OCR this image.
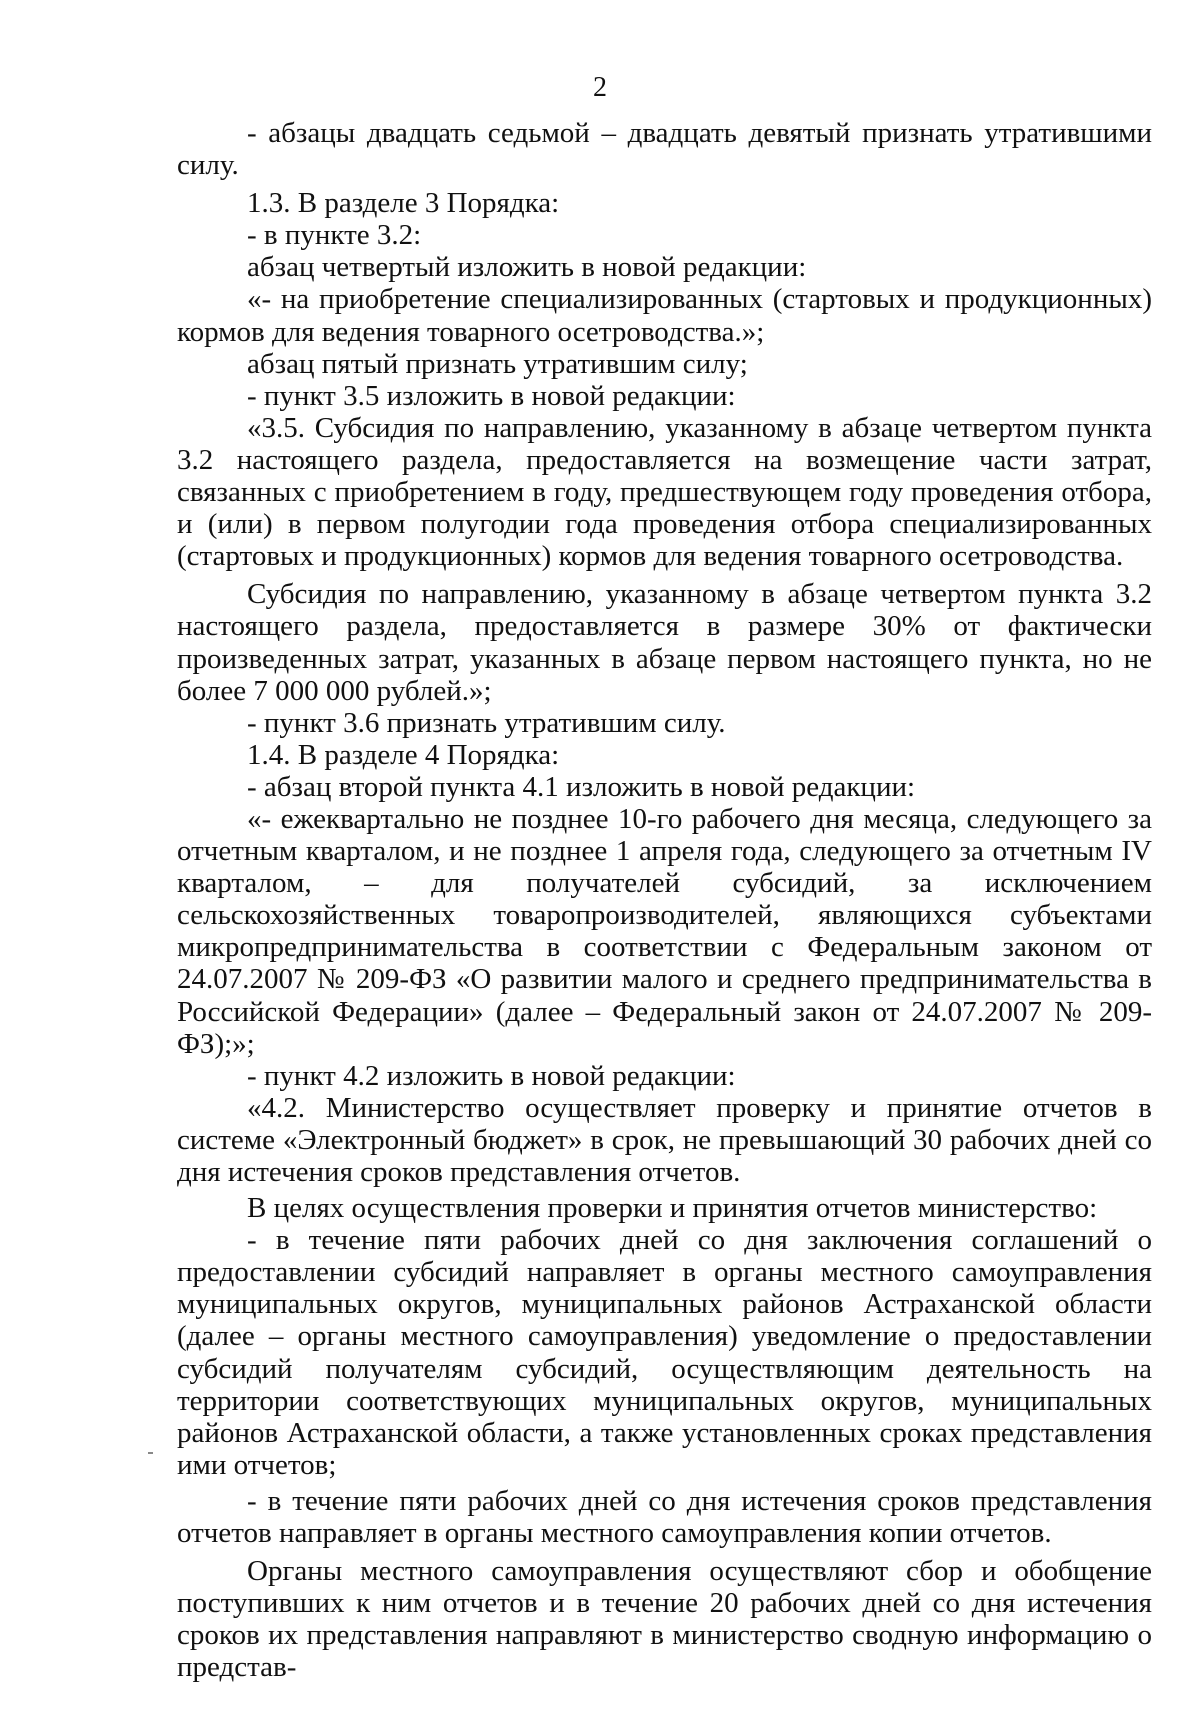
2

- абзацы двадцать седьмой – двадцать девятый признать утратившими силу.

1.3. В разделе 3 Порядка:

- в пункте 3.2:

абзац четвертый изложить в новой редакции:

«- на приобретение специализированных (стартовых и продукционных) кормов для ведения товарного осетроводства.»;

абзац пятый признать утратившим силу;

- пункт 3.5 изложить в новой редакции:

«3.5. Субсидия по направлению, указанному в абзаце четвертом пункта 3.2 настоящего раздела, предоставляется на возмещение части затрат, связанных с приобретением в году, предшествующем году проведения отбора, и (или) в первом полугодии года проведения отбора специализированных (стартовых и продукционных) кормов для ведения товарного осетроводства.

Субсидия по направлению, указанному в абзаце четвертом пункта 3.2 настоящего раздела, предоставляется в размере 30% от фактически произведенных затрат, указанных в абзаце первом настоящего пункта, но не более 7 000 000 рублей.»;

- пункт 3.6 признать утратившим силу.

1.4. В разделе 4 Порядка:

- абзац второй пункта 4.1 изложить в новой редакции:

«- ежеквартально не позднее 10-го рабочего дня месяца, следующего за отчетным кварталом, и не позднее 1 апреля года, следующего за отчетным IV кварталом, – для получателей субсидий, за исключением сельскохозяйственных товаропроизводителей, являющихся субъектами микропредпринимательства в соответствии с Федеральным законом от 24.07.2007 № 209-ФЗ «О развитии малого и среднего предпринимательства в Российской Федерации» (далее – Федеральный закон от 24.07.2007 № 209-ФЗ);»;

- пункт 4.2 изложить в новой редакции:

«4.2. Министерство осуществляет проверку и принятие отчетов в системе «Электронный бюджет» в срок, не превышающий 30 рабочих дней со дня истечения сроков представления отчетов.

В целях осуществления проверки и принятия отчетов министерство:

- в течение пяти рабочих дней со дня заключения соглашений о предоставлении субсидий направляет в органы местного самоуправления муниципальных округов, муниципальных районов Астраханской области (далее – органы местного самоуправления) уведомление о предоставлении субсидий получателям субсидий, осуществляющим деятельность на территории соответствующих муниципальных округов, муниципальных районов Астраханской области, а также установленных сроках представления ими отчетов;

- в течение пяти рабочих дней со дня истечения сроков представления отчетов направляет в органы местного самоуправления копии отчетов.

Органы местного самоуправления осуществляют сбор и обобщение поступивших к ним отчетов и в течение 20 рабочих дней со дня истечения сроков их представления направляют в министерство сводную информацию о представ-
